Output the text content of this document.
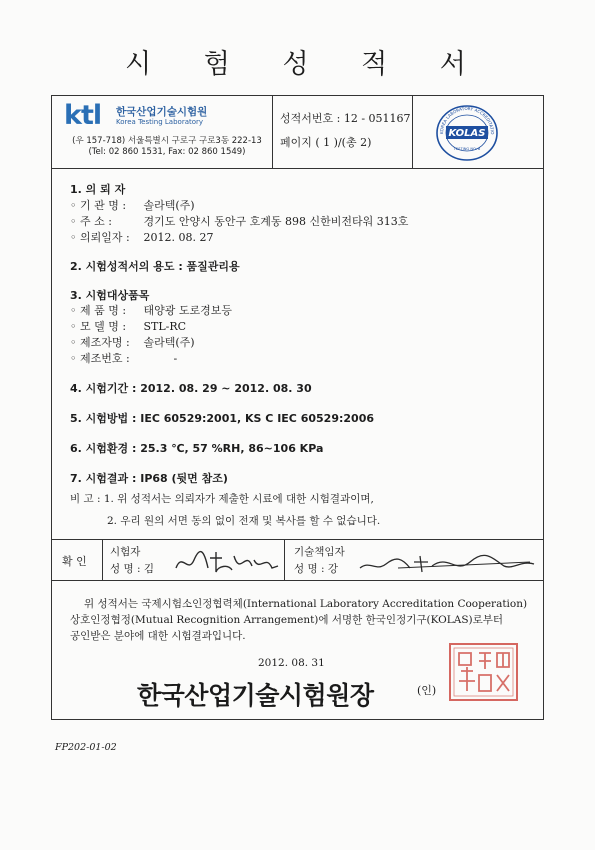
시 험 성 적 서
ktl 한국산업기술시험원
Korea Testing Laboratory
(우 157-718) 서울특별시 구로구 구로3동 222-13
(Tel: 02 860 1531, Fax: 02 860 1549)
성적서번호 : 12 - 051167
페이지 ( 1 )/(총 2)
KOREA LABORATORY ACCREDITATIO
KOLAS
TESTING NO. 8
1. 의 뢰 자
◦ 기 관 명 : 솔라텍(주)
◦ 주 소 :	경기도 안양시 동안구 호계동 898 신한비전타워 313호
◦ 의뢰일자 : 2012. 08. 27
2. 시험성적서의 용도 : 품질관리용
3. 시험대상품목
◦ 제 품 명 : 태양광 도로경보등
◦ 모 델 명 : STL-RC
◦ 제조자명 : 솔라텍(주)
◦ 제조번호 :	-
4. 시험기간 : 2012. 08. 29 ~ 2012. 08. 30
5. 시험방법 : IEC 60529:2001, KS C IEC 60529:2006
6. 시험환경 : 25.3 ℃, 57 %RH, 86~106 KPa
7. 시험결과 : IP68 (뒷면 참조)
비 고 : 1. 위 성적서는 의뢰자가 제출한 시료에 대한 시험결과이며,
2. 우리 원의 서면 동의 없이 전재 및 복사를 할 수 없습니다.
확 인
시험자
성 명 : 김
기술책임자
성 명 : 강
위 성적서는 국제시험소인정협력체(International Laboratory Accreditation Cooperation)
상호인정협정(Mutual Recognition Arrangement)에 서명한 한국인정기구(KOLAS)로부터
공인받은 분야에 대한 시험결과입니다.
2012. 08. 31
한국산업기술시험원장	(인)
FP202-01-02
